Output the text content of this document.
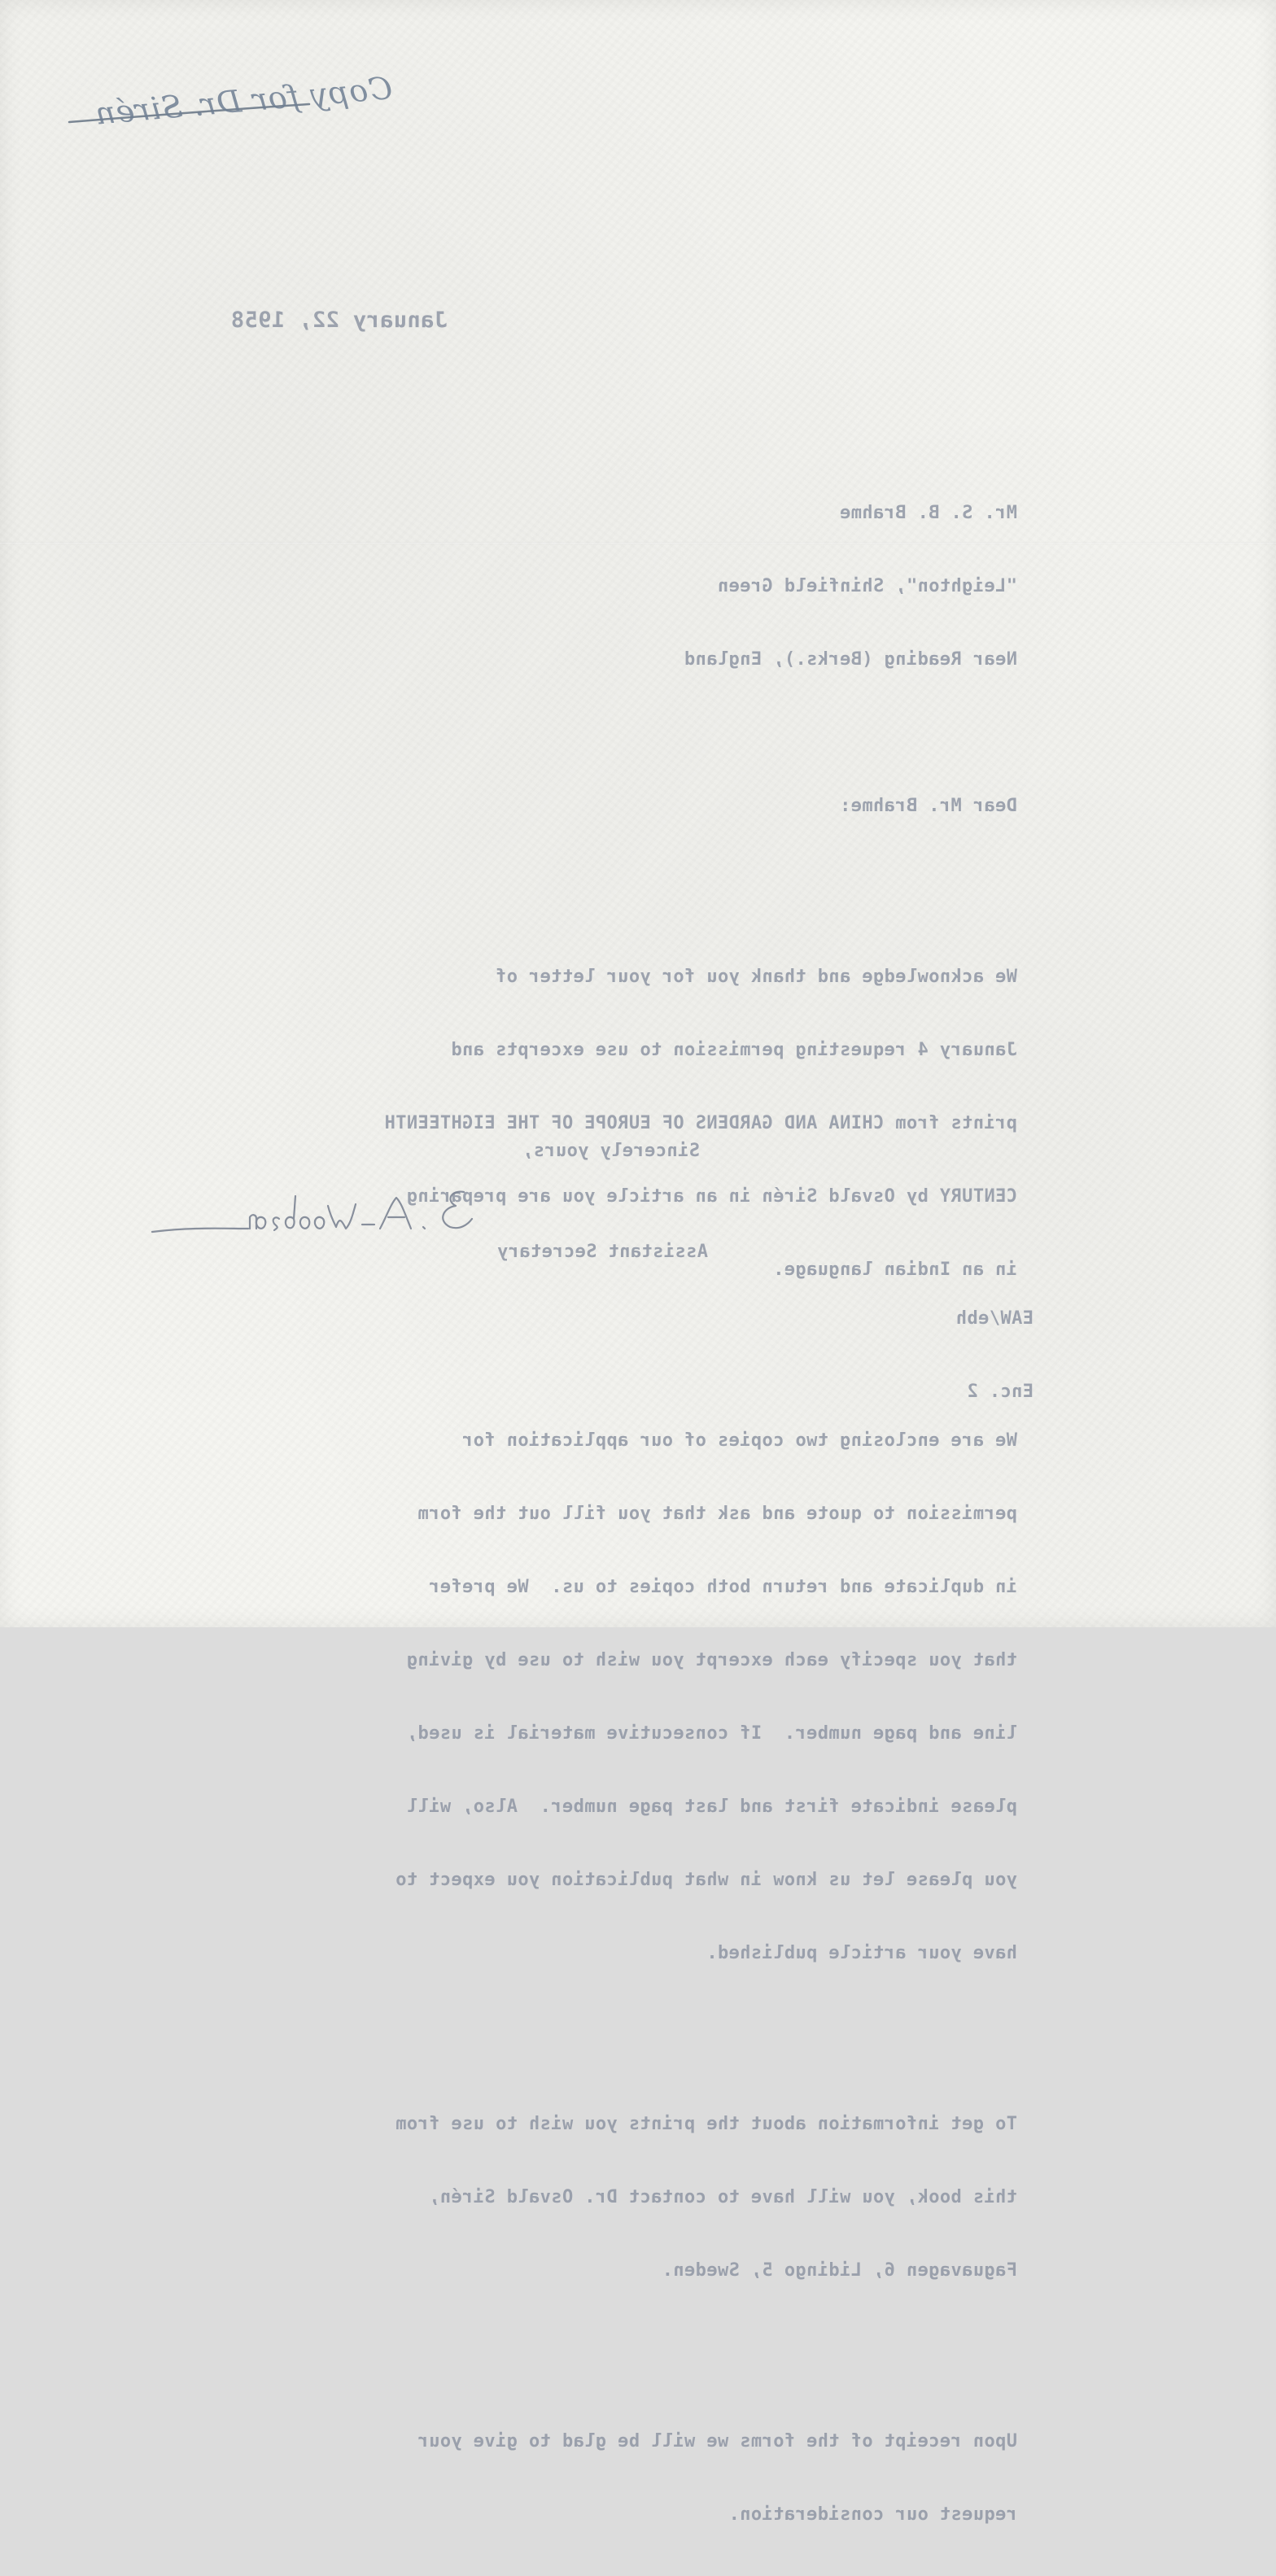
Copy for Dr. Sirén
January 22, 1958

Mr. S. B. Brahme

"Leighton", Shinfield Green

Near Reading (Berks.), England

Dear Mr. Brahme:

We acknowledge and thank you for your letter of

January 4 requesting permission to use excerpts and

prints from CHINA AND GARDENS OF EUROPE OF THE EIGHTEENTH

CENTURY by Osvald Sirén in an article you are preparing

in an Indian language.

We are enclosing two copies of our application for

permission to quote and ask that you fill out the form

in duplicate and return both copies to us.  We prefer

that you specify each excerpt you wish to use by giving

line and page number.  If consecutive material is used,

please indicate first and last page number.  Also, will

you please let us know in what publication you expect to

have your article published.

To get information about the prints you wish to use from

this book, you will have to contact Dr. Osvald Sirén,

Faguavagen 6, Lidingo 5, Sweden.

Upon receipt of the forms we will be glad to give your

request our consideration.

Sincerely yours,
Assistant Secretary

EAW/ebh

Enc. 2
